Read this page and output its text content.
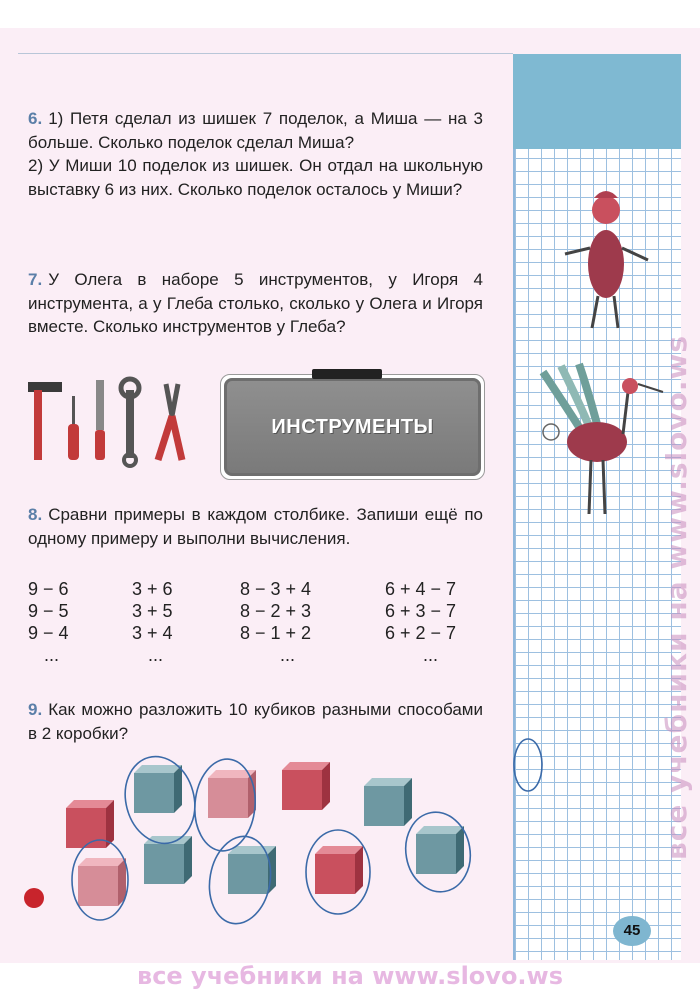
6. 1) Петя сделал из шишек 7 поделок, а Миша — на 3 больше. Сколько поделок сделал Миша?

2) У Миши 10 поделок из шишек. Он отдал на школьную выставку 6 из них. Сколько поделок осталось у Миши?

7. У Олега в наборе 5 инструментов, у Игоря 4 инструмента, а у Глеба столько, сколько у Олега и Игоря вместе. Сколько инструментов у Глеба?

ИНСТРУМЕНТЫ

8. Сравни примеры в каждом столбике. Запиши ещё по одному примеру и выполни вычисления.

9 − 6
9 − 5
9 − 4
...
3 + 6
3 + 5
3 + 4
...
8 − 3 + 4
8 − 2 + 3
8 − 1 + 2
...
6 + 4 − 7
6 + 3 − 7
6 + 2 − 7
...

9. Как можно разложить 10 кубиков разными способами в 2 коробки?

45
все учебники на www.slovo.ws
все учебники на www.slovo.ws
